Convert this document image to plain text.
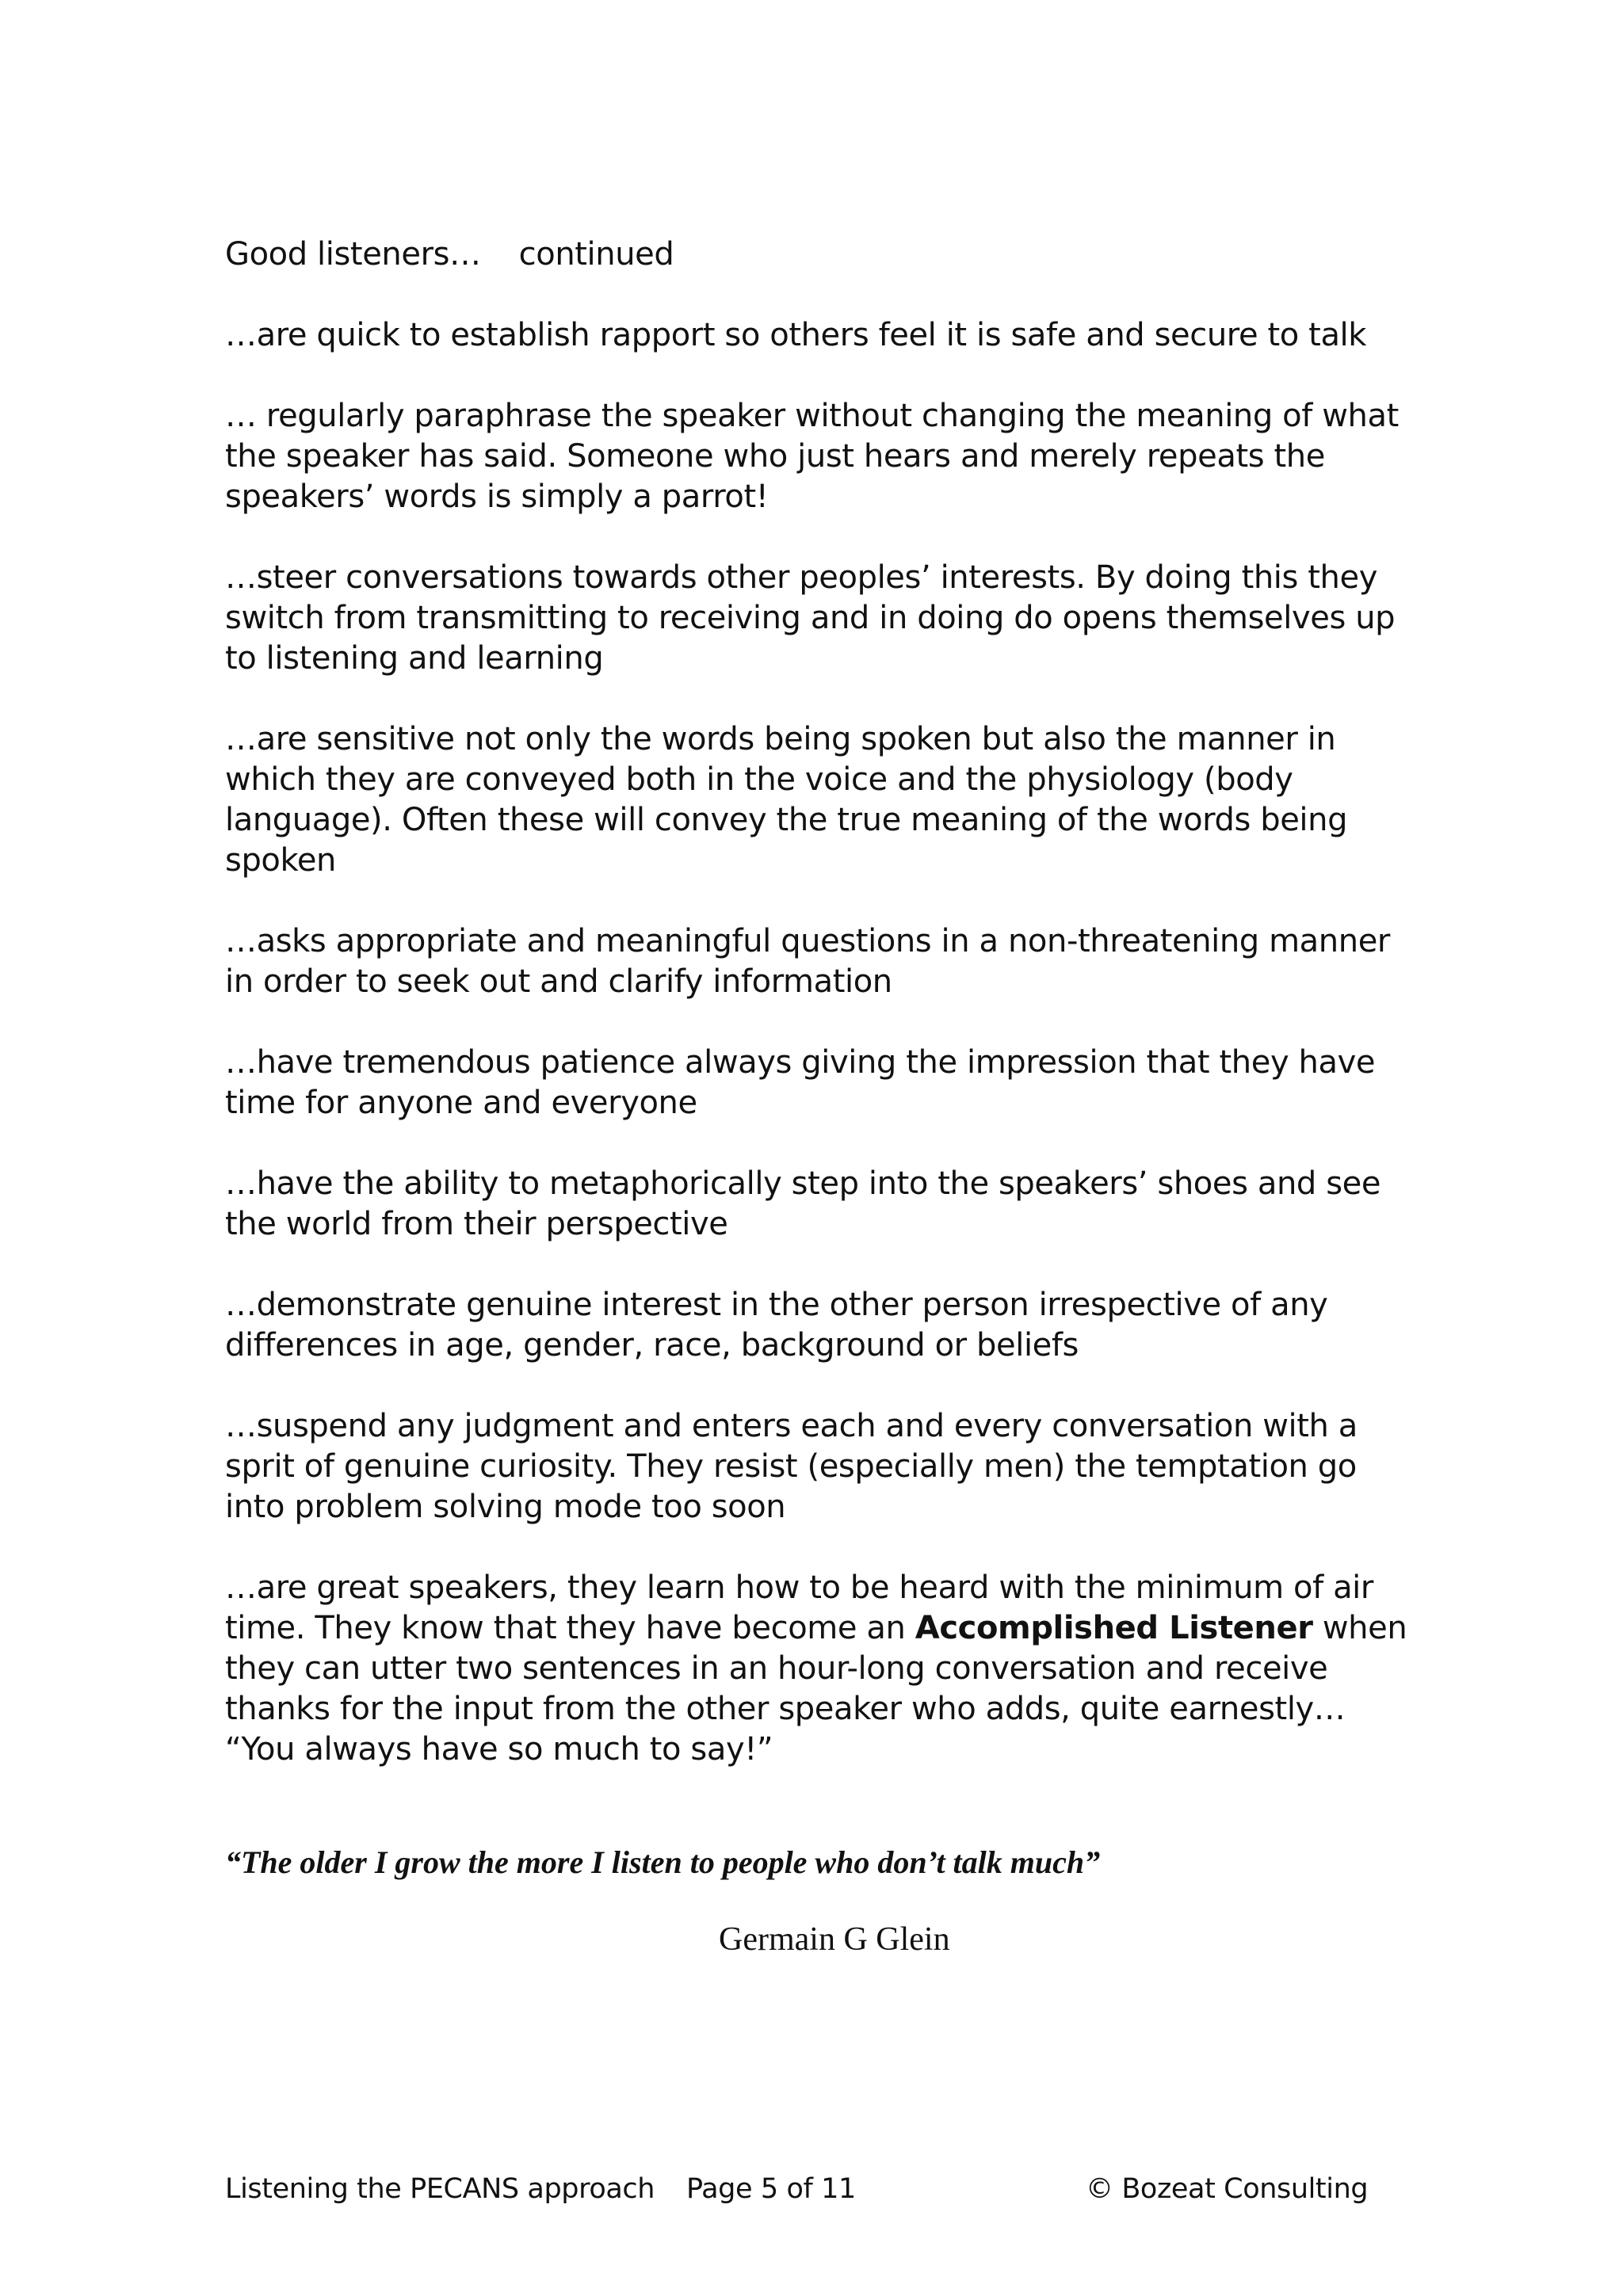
Good listeners… continued

…are quick to establish rapport so others feel it is safe and secure to talk

… regularly paraphrase the speaker without changing the meaning of what the speaker has said. Someone who just hears and merely repeats the speakers’ words is simply a parrot!

…steer conversations towards other peoples’ interests. By doing this they switch from transmitting to receiving and in doing do opens themselves up to listening and learning

…are sensitive not only the words being spoken but also the manner in which they are conveyed both in the voice and the physiology (body language). Often these will convey the true meaning of the words being spoken

…asks appropriate and meaningful questions in a non-threatening manner in order to seek out and clarify information

…have tremendous patience always giving the impression that they have time for anyone and everyone

…have the ability to metaphorically step into the speakers’ shoes and see the world from their perspective

…demonstrate genuine interest in the other person irrespective of any differences in age, gender, race, background or beliefs

…suspend any judgment and enters each and every conversation with a sprit of genuine curiosity. They resist (especially men) the temptation go into problem solving mode too soon

…are great speakers, they learn how to be heard with the minimum of air time. They know that they have become an Accomplished Listener when they can utter two sentences in an hour-long conversation and receive thanks for the input from the other speaker who adds, quite earnestly… “You always have so much to say!”

“The older I grow the more I listen to people who don’t talk much”
Germain G Glein
Listening the PECANS approach Page 5 of 11	© Bozeat Consulting
